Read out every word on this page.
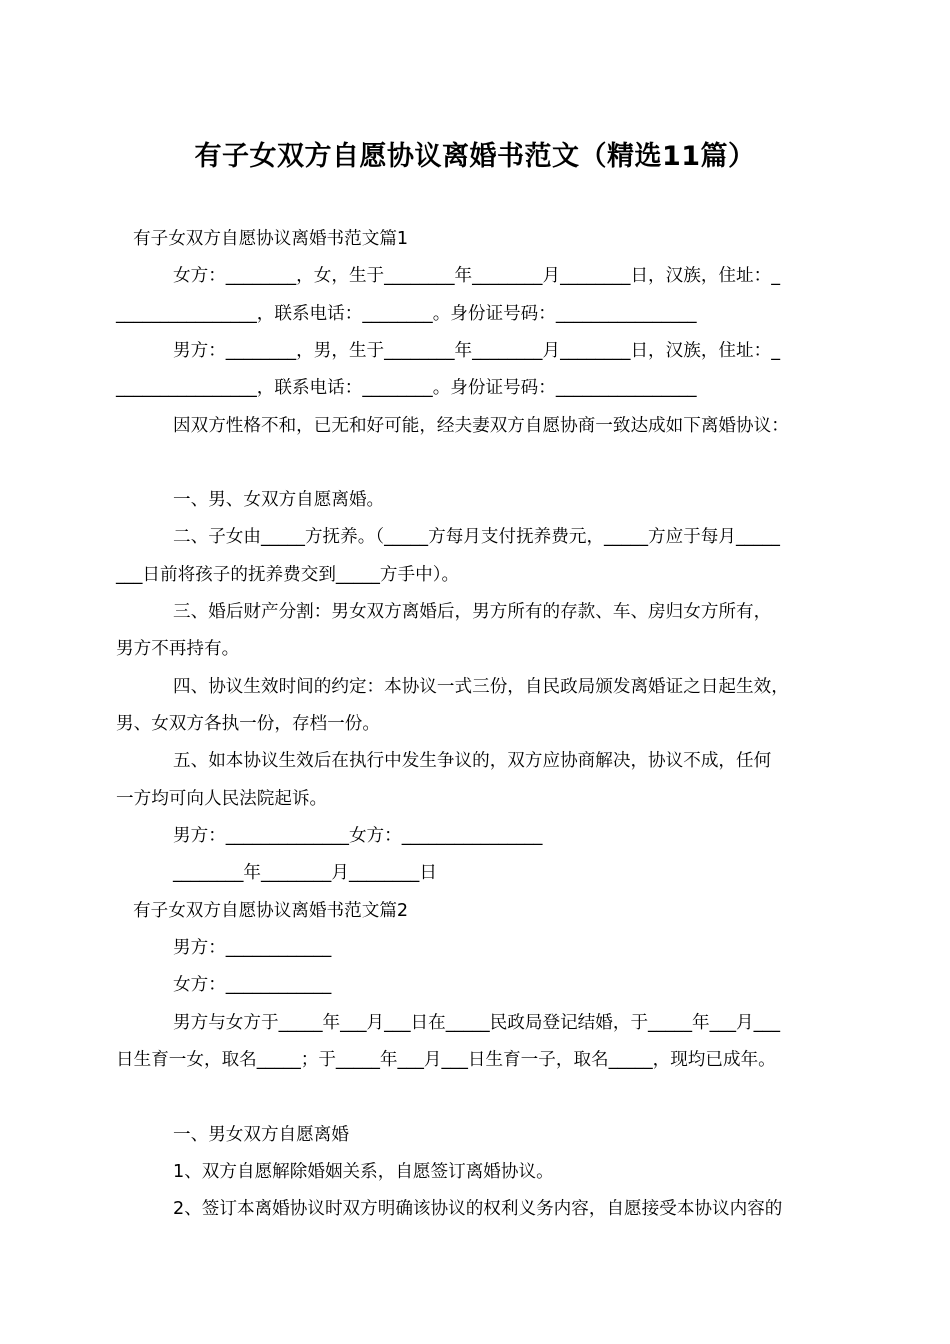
有子女双方自愿协议离婚书范文（精选11篇）
有子女双方自愿协议离婚书范文篇1
女方：________，女，生于________年________月________日，汉族，住址：_
________________，联系电话：________。身份证号码：________________
男方：________，男，生于________年________月________日，汉族，住址：_
________________，联系电话：________。身份证号码：________________
因双方性格不和，已无和好可能，经夫妻双方自愿协商一致达成如下离婚协议：
一、男、女双方自愿离婚。
二、子女由_____方抚养。（_____方每月支付抚养费元，_____方应于每月_____
___日前将孩子的抚养费交到_____方手中）。
三、婚后财产分割：男女双方离婚后，男方所有的存款、车、房归女方所有，
男方不再持有。
四、协议生效时间的约定：本协议一式三份，自民政局颁发离婚证之日起生效，
男、女双方各执一份，存档一份。
五、如本协议生效后在执行中发生争议的，双方应协商解决，协议不成，任何
一方均可向人民法院起诉。
男方：______________女方：________________
________年________月________日
有子女双方自愿协议离婚书范文篇2
男方：____________
女方：____________
男方与女方于_____年___月___日在_____民政局登记结婚，于_____年___月___
日生育一女，取名_____；于_____年___月___日生育一子，取名_____，现均已成年。
一、男女双方自愿离婚
1、双方自愿解除婚姻关系，自愿签订离婚协议。
2、签订本离婚协议时双方明确该协议的权利义务内容，自愿接受本协议内容的
